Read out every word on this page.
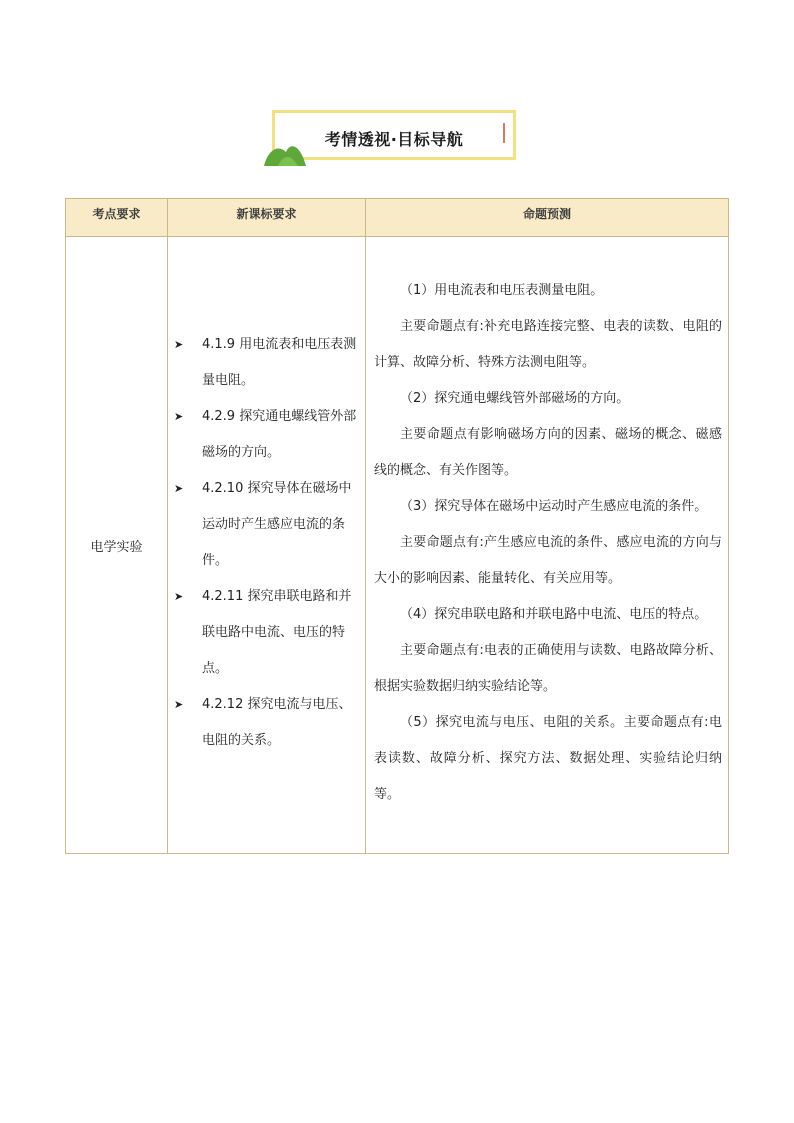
考情透视·目标导航
考点要求	新课标要求	命题预测
电学实验
➤ 4.1.9 用电流表和电压表测量电阻。
➤ 4.2.9 探究通电螺线管外部磁场的方向。
➤ 4.2.10 探究导体在磁场中运动时产生感应电流的条件。
➤ 4.2.11 探究串联电路和并联电路中电流、电压的特点。
➤ 4.2.12 探究电流与电压、电阻的关系。

（1）用电流表和电压表测量电阻。

主要命题点有:补充电路连接完整、电表的读数、电阻的计算、故障分析、特殊方法测电阻等。

（2）探究通电螺线管外部磁场的方向。

主要命题点有影响磁场方向的因素、磁场的概念、磁感线的概念、有关作图等。

（3）探究导体在磁场中运动时产生感应电流的条件。

主要命题点有:产生感应电流的条件、感应电流的方向与大小的影响因素、能量转化、有关应用等。

（4）探究串联电路和并联电路中电流、电压的特点。

主要命题点有:电表的正确使用与读数、电路故障分析、根据实验数据归纳实验结论等。

（5）探究电流与电压、电阻的关系。主要命题点有:电表读数、故障分析、探究方法、数据处理、实验结论归纳等。
